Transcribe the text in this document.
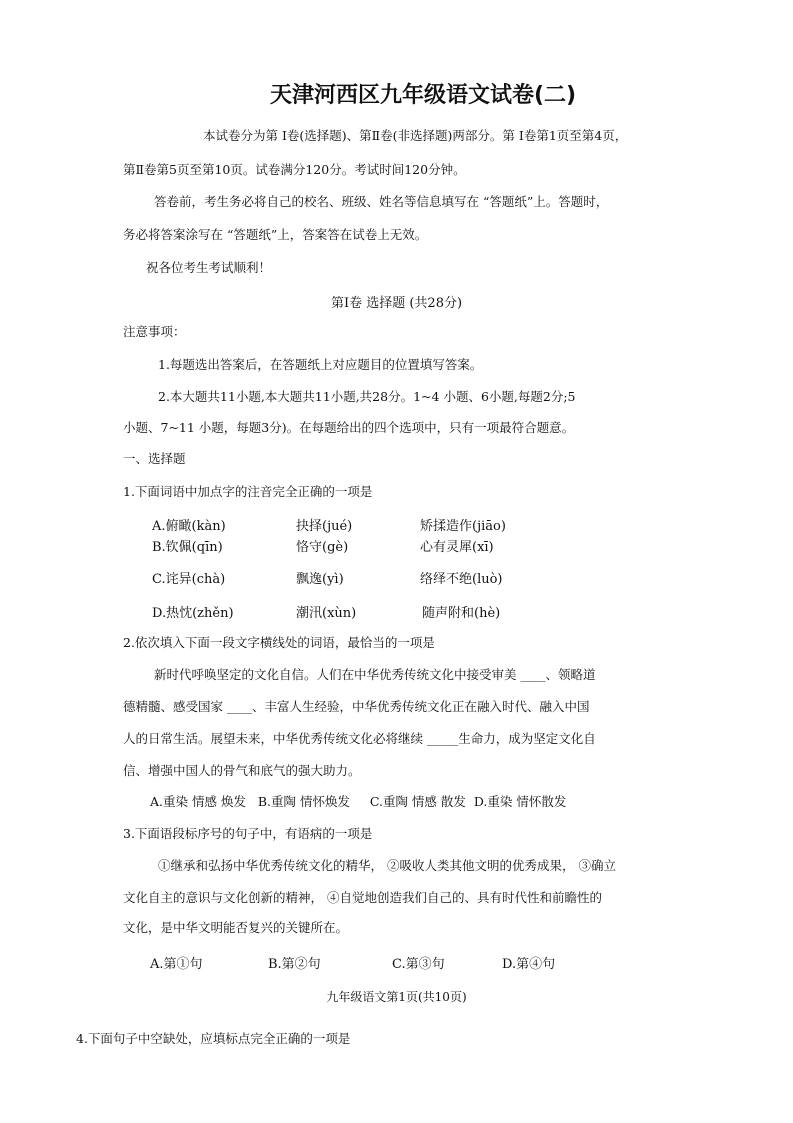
天津河西区九年级语文试卷(二)
本试卷分为第 Ⅰ卷(选择题)、第Ⅱ卷(非选择题)两部分。第 Ⅰ卷第1页至第4页，
第Ⅱ卷第5页至第10页。试卷满分120分。考试时间120分钟。
答卷前，考生务必将自己的校名、班级、姓名等信息填写在 “答题纸”上。答题时，
务必将答案涂写在 “答题纸”上，答案答在试卷上无效。
祝各位考生考试顺利！
第Ⅰ卷 选择题 (共28分)
注意事项：
1.每题选出答案后，在答题纸上对应题目的位置填写答案。
2.本大题共11小题,本大题共11小题,共28分。1~4 小题、6小题,每题2分;5
小题、7~11 小题，每题3分)。在每题给出的四个选项中，只有一项最符合题意。
一、选择题
1.下面词语中加点字的注音完全正确的一项是
A.俯瞰(kàn)	抉择(jué)	矫揉造作(jiāo)
B.钦佩(qīn)	恪守(gè)	心有灵犀(xī)
C.诧异(chà)	飘逸(yì)	络绎不绝(luò)
D.热忱(zhěn)	潮汛(xùn)	随声附和(hè)
2.依次填入下面一段文字横线处的词语，最恰当的一项是
新时代呼唤坚定的文化自信。人们在中华优秀传统文化中接受审美 ____、领略道
德精髓、感受国家 ____、丰富人生经验，中华优秀传统文化正在融入时代、融入中国
人的日常生活。展望未来，中华优秀传统文化必将继续 _____生命力，成为坚定文化自
信、增强中国人的骨气和底气的强大助力。
A.重染 情感 焕发   B.重陶 情怀焕发     C.重陶 情感 散发  D.重染 情怀散发
3.下面语段标序号的句子中，有语病的一项是
①继承和弘扬中华优秀传统文化的精华， ②吸收人类其他文明的优秀成果， ③确立
文化自主的意识与文化创新的精神， ④自觉地创造我们自己的、具有时代性和前瞻性的
文化，是中华文明能否复兴的关键所在。
A.第①句	B.第②句	C.第③句	D.第④句
九年级语文第1页(共10页)
4.下面句子中空缺处，应填标点完全正确的一项是
